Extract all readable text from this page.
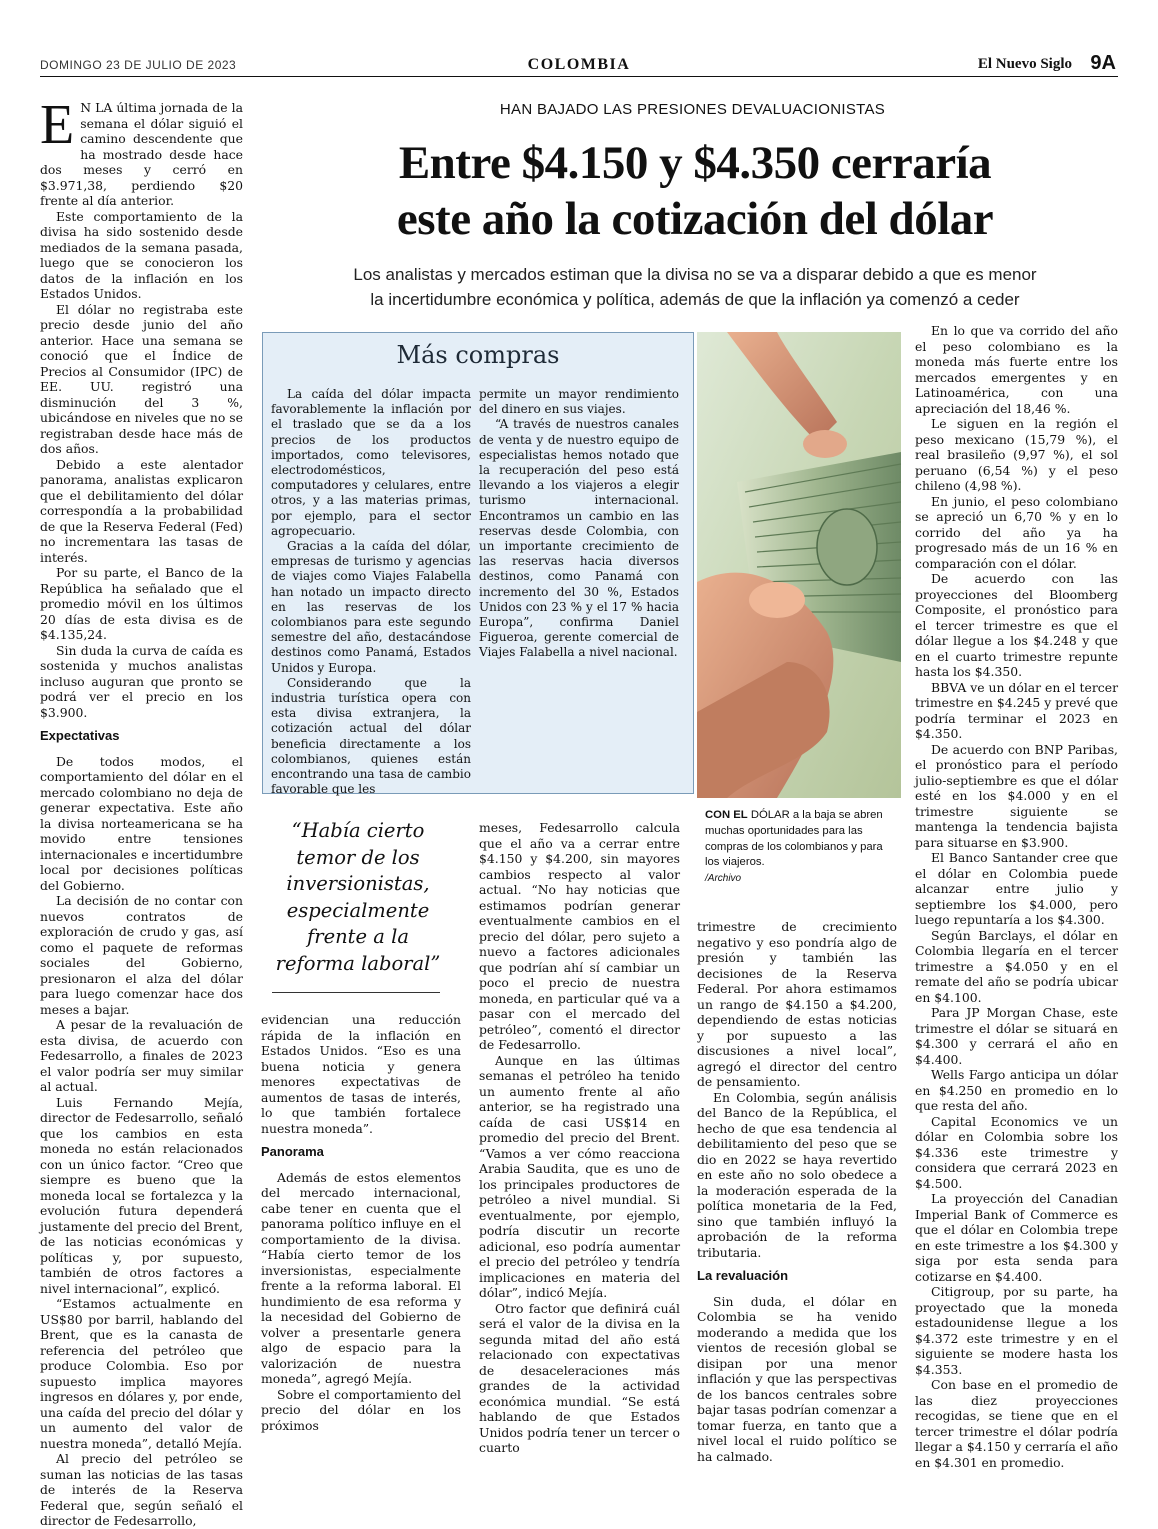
DOMINGO 23 DE JULIO DE 2023	COLOMBIA	El Nuevo Siglo 9A
HAN BAJADO LAS PRESIONES DEVALUACIONISTAS
Entre $4.150 y $4.350 cerraría
este año la cotización del dólar
Los analistas y mercados estiman que la divisa no se va a disparar debido a que es menor
la incertidumbre económica y política, además de que la inflación ya comenzó a ceder

E N LA última jornada de la semana el dólar siguió el camino descendente que ha mostrado desde hace dos meses y cerró en $3.971,38, perdiendo $20 frente al día anterior.

Este comportamiento de la divisa ha sido sostenido desde mediados de la semana pasada, luego que se conocieron los datos de la inflación en los Estados Unidos.

El dólar no registraba este precio desde junio del año anterior. Hace una semana se conoció que el Índice de Precios al Consumidor (IPC) de EE. UU. registró una disminución del 3 %, ubicándose en niveles que no se registraban desde hace más de dos años.

Debido a este alentador panorama, analistas explicaron que el debilitamiento del dólar correspondía a la probabilidad de que la Reserva Federal (Fed) no incrementara las tasas de interés.

Por su parte, el Banco de la República ha señalado que el promedio móvil en los últimos 20 días de esta divisa es de $4.135,24.

Sin duda la curva de caída es sostenida y muchos analistas incluso auguran que pronto se podrá ver el precio en los $3.900.

Expectativas

De todos modos, el comportamiento del dólar en el mercado colombiano no deja de generar expectativa. Este año la divisa norteamericana se ha movido entre tensiones internacionales e incertidumbre local por decisiones políticas del Gobierno.

La decisión de no contar con nuevos contratos de exploración de crudo y gas, así como el paquete de reformas sociales del Gobierno, presionaron el alza del dólar para luego comenzar hace dos meses a bajar.

A pesar de la revaluación de esta divisa, de acuerdo con Fedesarrollo, a finales de 2023 el valor podría ser muy similar al actual.

Luis Fernando Mejía, director de Fedesarrollo, señaló que los cambios en esta moneda no están relacionados con un único factor. “Creo que siempre es bueno que la moneda local se fortalezca y la evolución futura dependerá justamente del precio del Brent, de las noticias económicas y políticas y, por supuesto, también de otros factores a nivel internacional”, explicó.

“Estamos actualmente en US$80 por barril, hablando del Brent, que es la canasta de referencia del petróleo que produce Colombia. Eso por supuesto implica mayores ingresos en dólares y, por ende, una caída del precio del dólar y un aumento del valor de nuestra moneda”, detalló Mejía.

Al precio del petróleo se suman las noticias de las tasas de interés de la Reserva Federal que, según señaló el director de Fedesarrollo,

Más compras

La caída del dólar impacta favorablemente la inflación por el traslado que se da a los precios de los productos importados, como televisores, electrodomésticos, computadores y celulares, entre otros, y a las materias primas, por ejemplo, para el sector agropecuario.

Gracias a la caída del dólar, empresas de turismo y agencias de viajes como Viajes Falabella han notado un impacto directo en las reservas de los colombianos para este segundo semestre del año, destacándose destinos como Panamá, Estados Unidos y Europa.

Considerando que la industria turística opera con esta divisa extranjera, la cotización actual del dólar beneficia directamente a los colombianos, quienes están encontrando una tasa de cambio favorable que les

permite un mayor rendimiento del dinero en sus viajes.

“A través de nuestros canales de venta y de nuestro equipo de especialistas hemos notado que la recuperación del peso está llevando a los viajeros a elegir turismo internacional. Encontramos un cambio en las reservas desde Colombia, con un importante crecimiento de las reservas hacia diversos destinos, como Panamá con incremento del 30 %, Estados Unidos con 23 % y el 17 % hacia Europa”, confirma Daniel Figueroa, gerente comercial de Viajes Falabella a nivel nacional.

“Había cierto temor de los inversionistas, especialmente frente a la reforma laboral”
CON EL DÓLAR a la baja se abren muchas oportunidades para las compras de los colombianos y para los viajeros.
/Archivo

evidencian una reducción rápida de la inflación en Estados Unidos. “Eso es una buena noticia y genera menores expectativas de aumentos de tasas de interés, lo que también fortalece nuestra moneda”.

Panorama

Además de estos elementos del mercado internacional, cabe tener en cuenta que el panorama político influye en el comportamiento de la divisa. “Había cierto temor de los inversionistas, especialmente frente a la reforma laboral. El hundimiento de esa reforma y la necesidad del Gobierno de volver a presentarle genera algo de espacio para la valorización de nuestra moneda”, agregó Mejía.

Sobre el comportamiento del precio del dólar en los próximos

meses, Fedesarrollo calcula que el año va a cerrar entre $4.150 y $4.200, sin mayores cambios respecto al valor actual. “No hay noticias que estimamos podrían generar eventualmente cambios en el precio del dólar, pero sujeto a nuevo a factores adicionales que podrían ahí sí cambiar un poco el precio de nuestra moneda, en particular qué va a pasar con el mercado del petróleo”, comentó el director de Fedesarrollo.

Aunque en las últimas semanas el petróleo ha tenido un aumento frente al año anterior, se ha registrado una caída de casi US$14 en promedio del precio del Brent. “Vamos a ver cómo reacciona Arabia Saudita, que es uno de los principales productores de petróleo a nivel mundial. Si eventualmente, por ejemplo, podría discutir un recorte adicional, eso podría aumentar el precio del petróleo y tendría implicaciones en materia del dólar”, indicó Mejía.

Otro factor que definirá cuál será el valor de la divisa en la segunda mitad del año está relacionado con expectativas de desaceleraciones más grandes de la actividad económica mundial. “Se está hablando de que Estados Unidos podría tener un tercer o cuarto

trimestre de crecimiento negativo y eso pondría algo de presión y también las decisiones de la Reserva Federal. Por ahora estimamos un rango de $4.150 a $4.200, dependiendo de estas noticias y por supuesto a las discusiones a nivel local”, agregó el director del centro de pensamiento.

En Colombia, según análisis del Banco de la República, el hecho de que esa tendencia al debilitamiento del peso que se dio en 2022 se haya revertido en este año no solo obedece a la moderación esperada de la política monetaria de la Fed, sino que también influyó la aprobación de la reforma tributaria.

La revaluación

Sin duda, el dólar en Colombia se ha venido moderando a medida que los vientos de recesión global se disipan por una menor inflación y que las perspectivas de los bancos centrales sobre bajar tasas podrían comenzar a tomar fuerza, en tanto que a nivel local el ruido político se ha calmado.

En lo que va corrido del año el peso colombiano es la moneda más fuerte entre los mercados emergentes y en Latinoamérica, con una apreciación del 18,46 %.

Le siguen en la región el peso mexicano (15,79 %), el real brasileño (9,97 %), el sol peruano (6,54 %) y el peso chileno (4,98 %).

En junio, el peso colombiano se apreció un 6,70 % y en lo corrido del año ya ha progresado más de un 16 % en comparación con el dólar.

De acuerdo con las proyecciones del Bloomberg Composite, el pronóstico para el tercer trimestre es que el dólar llegue a los $4.248 y que en el cuarto trimestre repunte hasta los $4.350.

BBVA ve un dólar en el tercer trimestre en $4.245 y prevé que podría terminar el 2023 en $4.350.

De acuerdo con BNP Paribas, el pronóstico para el período julio-septiembre es que el dólar esté en los $4.000 y en el trimestre siguiente se mantenga la tendencia bajista para situarse en $3.900.

El Banco Santander cree que el dólar en Colombia puede alcanzar entre julio y septiembre los $4.000, pero luego repuntaría a los $4.300.

Según Barclays, el dólar en Colombia llegaría en el tercer trimestre a $4.050 y en el remate del año se podría ubicar en $4.100.

Para JP Morgan Chase, este trimestre el dólar se situará en $4.300 y cerrará el año en $4.400.

Wells Fargo anticipa un dólar en $4.250 en promedio en lo que resta del año.

Capital Economics ve un dólar en Colombia sobre los $4.336 este trimestre y considera que cerrará 2023 en $4.500.

La proyección del Canadian Imperial Bank of Commerce es que el dólar en Colombia trepe en este trimestre a los $4.300 y siga por esta senda para cotizarse en $4.400.

Citigroup, por su parte, ha proyectado que la moneda estadounidense llegue a los $4.372 este trimestre y en el siguiente se modere hasta los $4.353.

Con base en el promedio de las diez proyecciones recogidas, se tiene que en el tercer trimestre el dólar podría llegar a $4.150 y cerraría el año en $4.301 en promedio.
